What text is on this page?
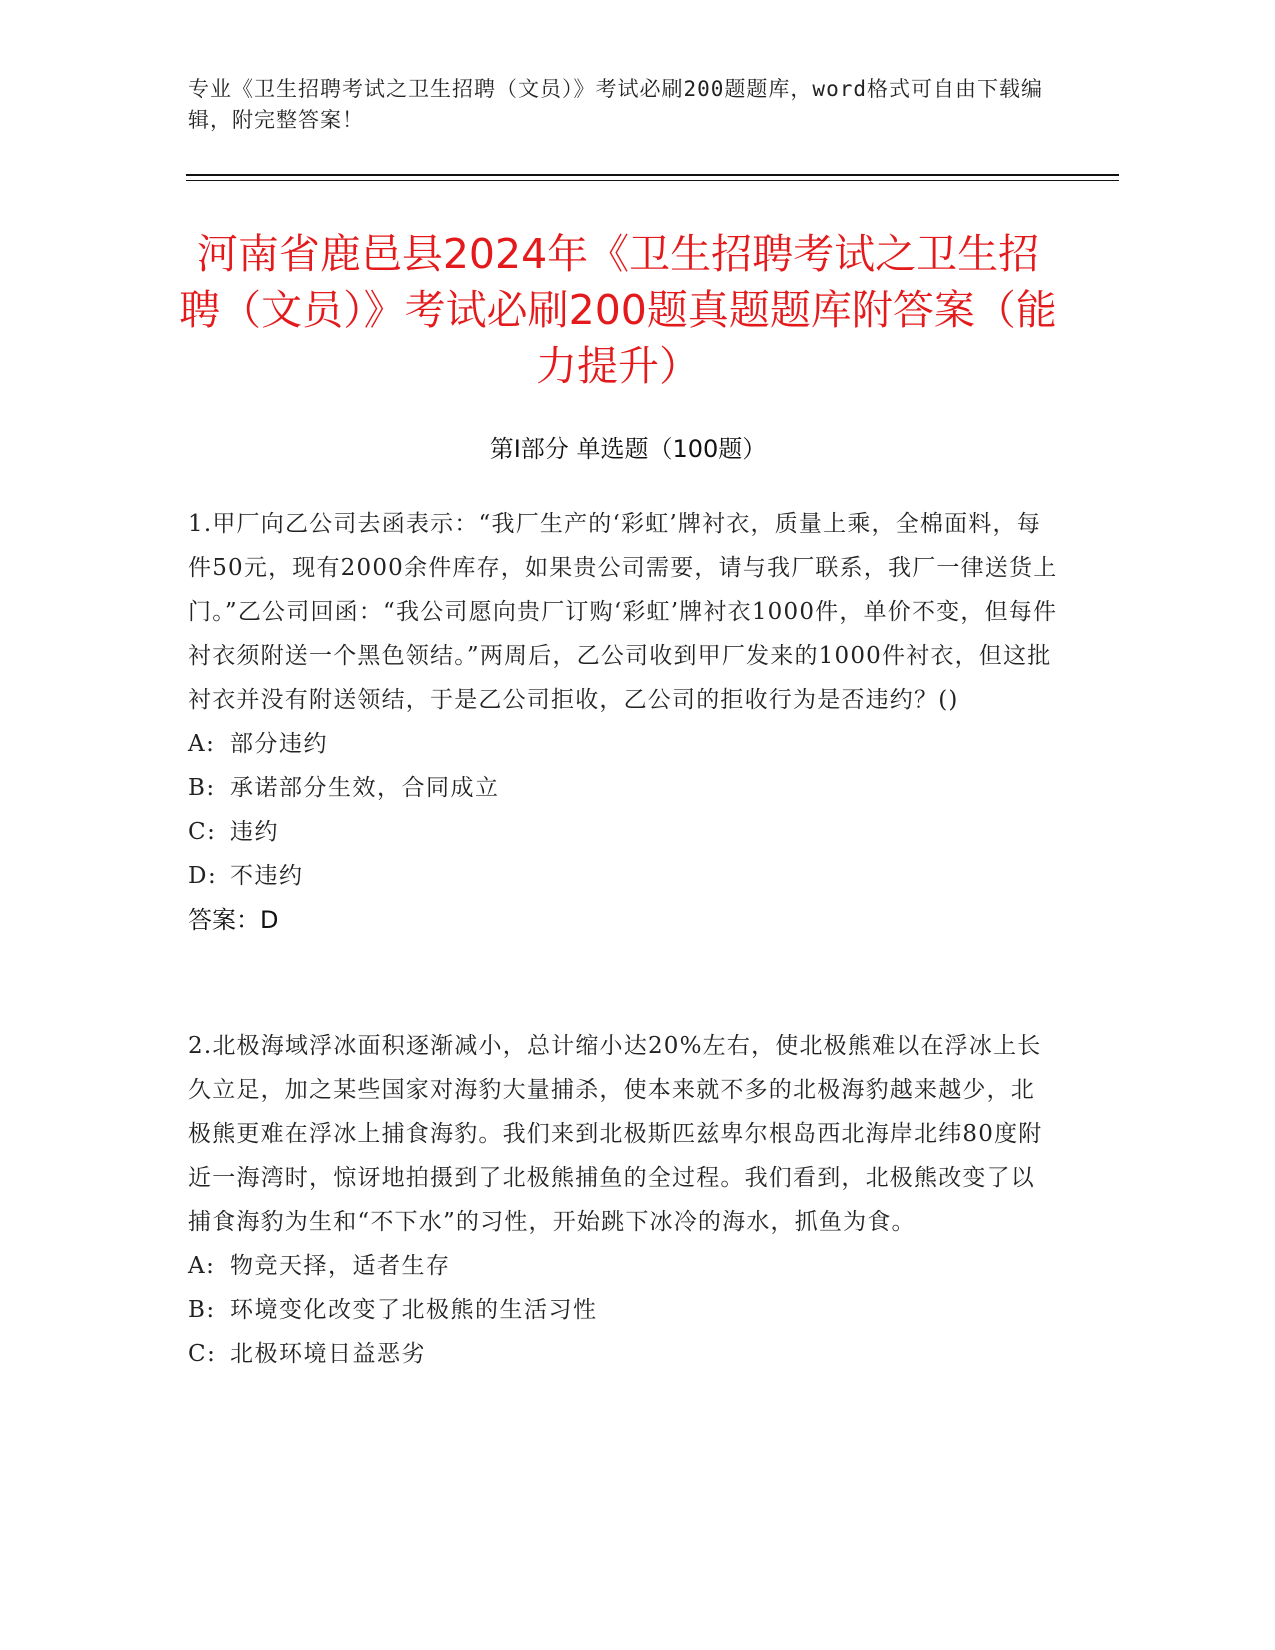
专业《卫生招聘考试之卫生招聘（文员）》考试必刷200题题库，word格式可自由下载编辑，附完整答案！
河南省鹿邑县2024年《卫生招聘考试之卫生招聘（文员）》考试必刷200题真题题库附答案（能力提升）
第Ⅰ部分 单选题（100题）

1.甲厂向乙公司去函表示：“我厂生产的‘彩虹’牌衬衣，质量上乘，全棉面料，每件50元，现有2000余件库存，如果贵公司需要，请与我厂联系，我厂一律送货上门。”乙公司回函：“我公司愿向贵厂订购‘彩虹’牌衬衣1000件，单价不变，但每件衬衣须附送一个黑色领结。”两周后，乙公司收到甲厂发来的1000件衬衣，但这批衬衣并没有附送领结，于是乙公司拒收，乙公司的拒收行为是否违约？()

A: 部分违约

B: 承诺部分生效，合同成立

C: 违约

D: 不违约

答案：D

2.北极海域浮冰面积逐渐减小，总计缩小达20%左右，使北极熊难以在浮冰上长久立足，加之某些国家对海豹大量捕杀，使本来就不多的北极海豹越来越少，北极熊更难在浮冰上捕食海豹。我们来到北极斯匹兹卑尔根岛西北海岸北纬80度附近一海湾时，惊讶地拍摄到了北极熊捕鱼的全过程。我们看到，北极熊改变了以捕食海豹为生和“不下水”的习性，开始跳下冰冷的海水，抓鱼为食。

A: 物竞天择，适者生存

B: 环境变化改变了北极熊的生活习性

C: 北极环境日益恶劣
